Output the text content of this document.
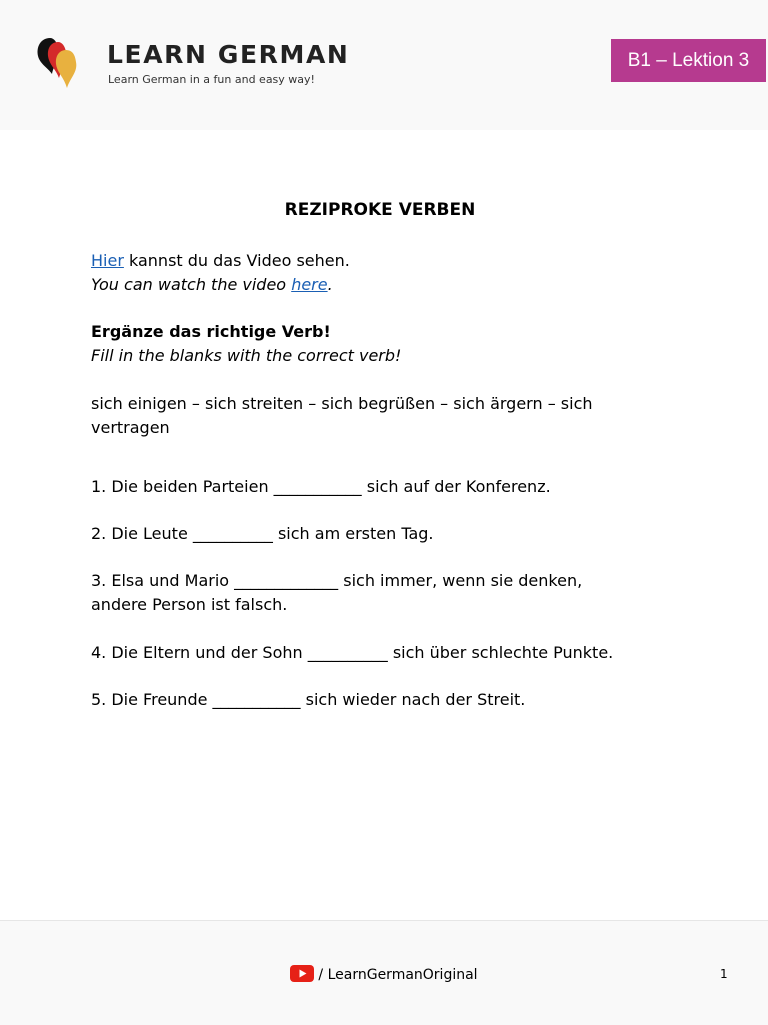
LEARN GERMAN
Learn German in a fun and easy way!
B1 – Lektion 3
REZIPROKE VERBEN
Hier kannst du das Video sehen.
You can watch the video here.
Ergänze das richtige Verb!
Fill in the blanks with the correct verb!
sich einigen – sich streiten – sich begrüßen – sich ärgern – sich
vertragen
1. Die beiden Parteien ___________ sich auf der Konferenz.
2. Die Leute __________ sich am ersten Tag.
3. Elsa und Mario _____________ sich immer, wenn sie denken,
andere Person ist falsch.
4. Die Eltern und der Sohn __________ sich über schlechte Punkte.
5. Die Freunde ___________ sich wieder nach der Streit.
/ LearnGermanOriginal	1
